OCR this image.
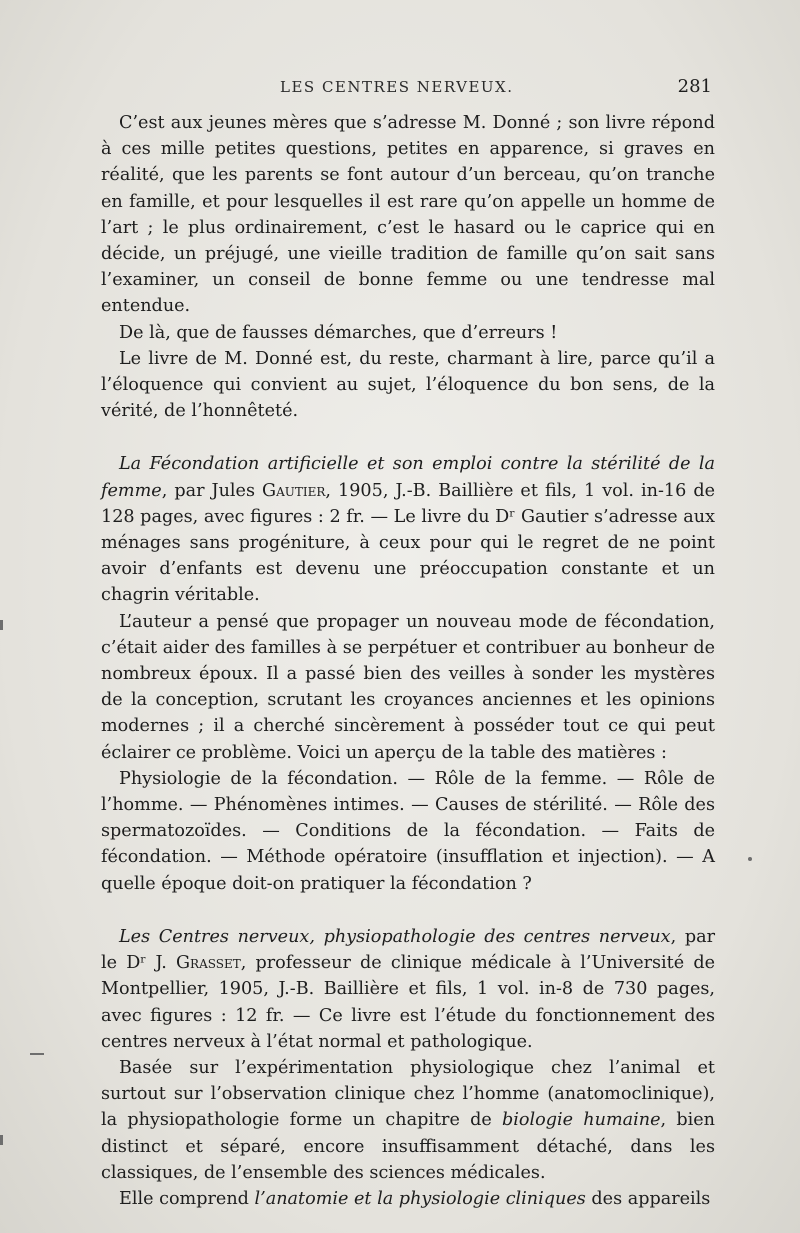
LES CENTRES NERVEUX.	281

C’est aux jeunes mères que s’adresse M. Donné ; son livre répond à ces mille petites questions, petites en apparence, si graves en réalité, que les parents se font autour d’un berceau, qu’on tranche en famille, et pour lesquelles il est rare qu’on appelle un homme de l’art ; le plus ordinairement, c’est le hasard ou le caprice qui en décide, un préjugé, une vieille tradition de famille qu’on sait sans l’examiner, un conseil de bonne femme ou une tendresse mal entendue.

De là, que de fausses démarches, que d’erreurs !

Le livre de M. Donné est, du reste, charmant à lire, parce qu’il a l’éloquence qui convient au sujet, l’éloquence du bon sens, de la vérité, de l’honnêteté.

La Fécondation artificielle et son emploi contre la stérilité de la femme, par Jules Gautier, 1905, J.-B. Baillière et fils, 1 vol. in-16 de 128 pages, avec figures : 2 fr. — Le livre du Dʳ Gautier s’adresse aux ménages sans progéniture, à ceux pour qui le regret de ne point avoir d’enfants est devenu une préoccupation constante et un chagrin véritable.

L’auteur a pensé que propager un nouveau mode de fécondation, c’était aider des familles à se perpétuer et contribuer au bonheur de nombreux époux. Il a passé bien des veilles à sonder les mystères de la conception, scrutant les croyances anciennes et les opinions modernes ; il a cherché sincèrement à posséder tout ce qui peut éclairer ce problème. Voici un aperçu de la table des matières :

Physiologie de la fécondation. — Rôle de la femme. — Rôle de l’homme. — Phénomènes intimes. — Causes de stérilité. — Rôle des spermatozoïdes. — Conditions de la fécondation. — Faits de fécondation. — Méthode opératoire (insufflation et injection). — A quelle époque doit-on pratiquer la fécondation ?

Les Centres nerveux, physiopathologie des centres nerveux, par le Dʳ J. Grasset, professeur de clinique médicale à l’Université de Montpellier, 1905, J.-B. Baillière et fils, 1 vol. in-8 de 730 pages, avec figures : 12 fr. — Ce livre est l’étude du fonctionnement des centres nerveux à l’état normal et pathologique.

Basée sur l’expérimentation physiologique chez l’animal et surtout sur l’observation clinique chez l’homme (anatomoclinique), la physiopathologie forme un chapitre de biologie humaine, bien distinct et séparé, encore insuffisamment détaché, dans les classiques, de l’ensemble des sciences médicales.

Elle comprend l’anatomie et la physiologie cliniques des appareils
